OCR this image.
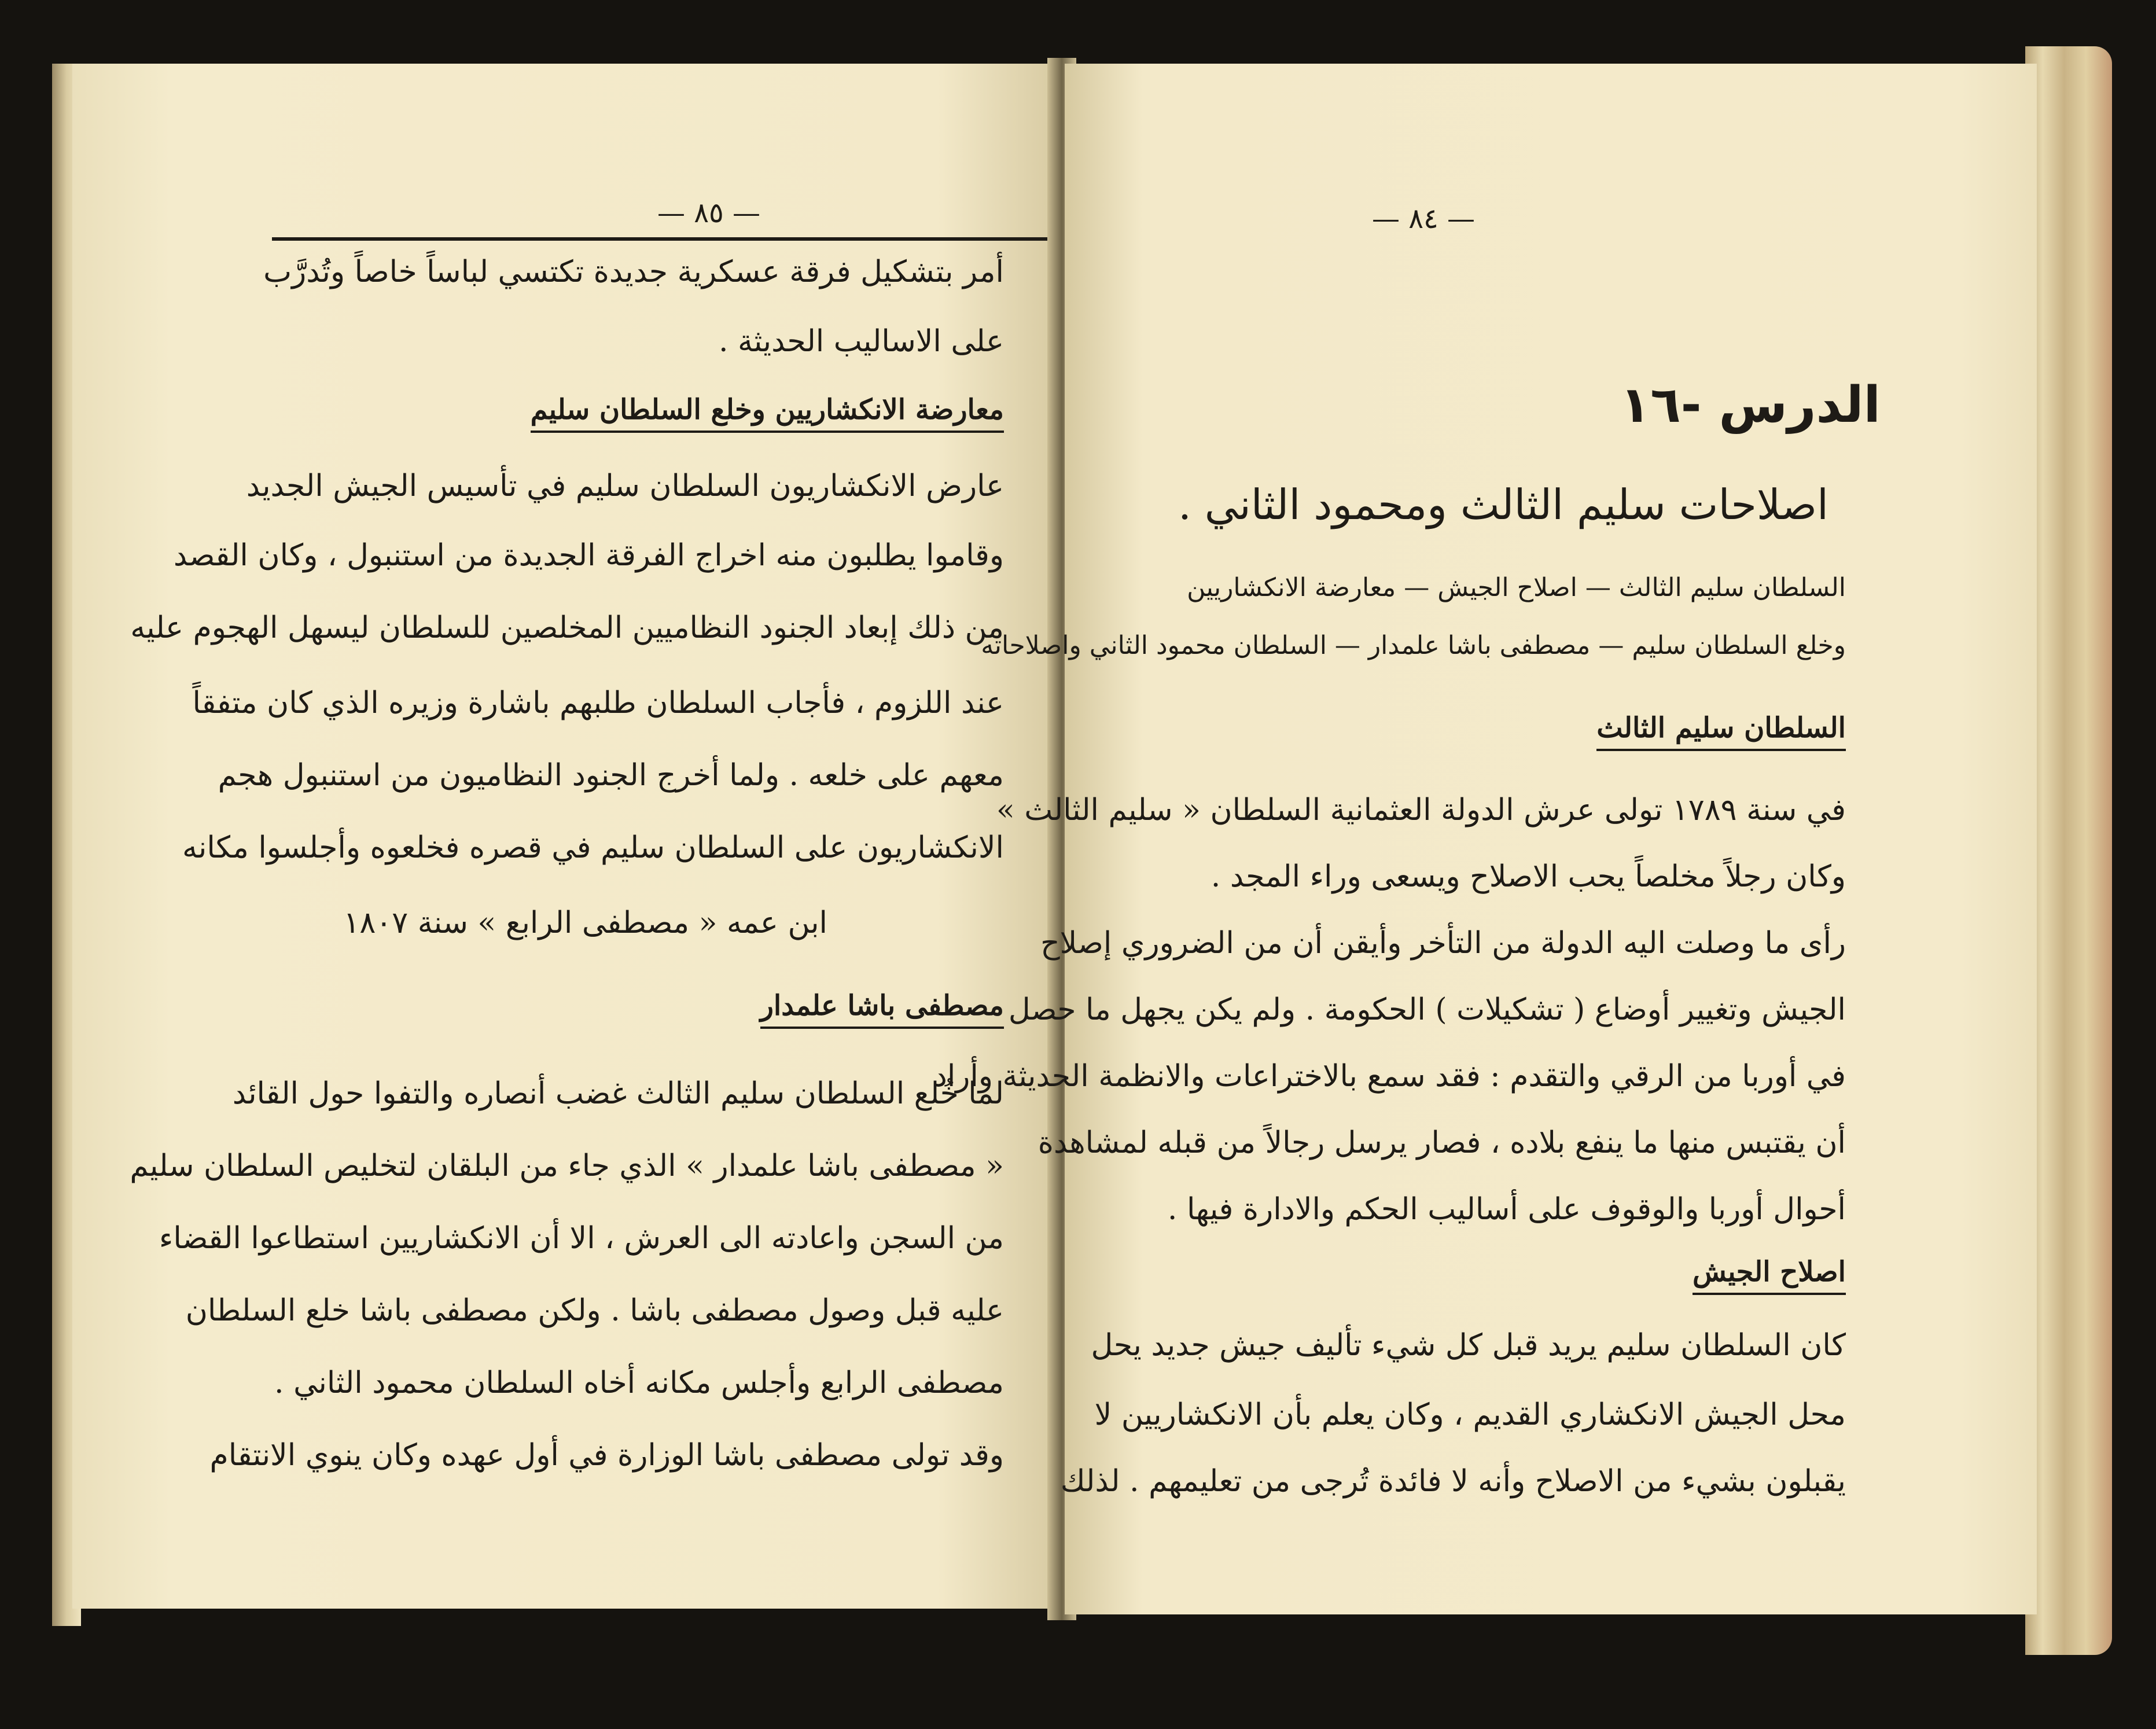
— ٨٥ —
أمر بتشكيل فرقة عسكرية جديدة تكتسي لباساً خاصاً وتُدرَّب
على الاساليب الحديثة .
معارضة الانكشاريين وخلع السلطان سليم
عارض الانكشاريون السلطان سليم في تأسيس الجيش الجديد
وقاموا يطلبون منه اخراج الفرقة الجديدة من استنبول ، وكان القصد
من ذلك إبعاد الجنود النظاميين المخلصين للسلطان ليسهل الهجوم عليه
عند اللزوم ، فأجاب السلطان طلبهم باشارة وزيره الذي كان متفقاً
معهم على خلعه . ولما أخرج الجنود النظاميون من استنبول هجم
الانكشاريون على السلطان سليم في قصره فخلعوه وأجلسوا مكانه
ابن عمه « مصطفى الرابع » سنة ١٨٠٧
مصطفى باشا علمدار
لما خُلع السلطان سليم الثالث غضب أنصاره والتفوا حول القائد
« مصطفى باشا علمدار » الذي جاء من البلقان لتخليص السلطان سليم
من السجن واعادته الى العرش ، الا أن الانكشاريين استطاعوا القضاء
عليه قبل وصول مصطفى باشا . ولكن مصطفى باشا خلع السلطان
مصطفى الرابع وأجلس مكانه أخاه السلطان محمود الثاني .
وقد تولى مصطفى باشا الوزارة في أول عهده وكان ينوي الانتقام
— ٨٤ —
الدرس -١٦
اصلاحات سليم الثالث ومحمود الثاني .
السلطان سليم الثالث — اصلاح الجيش — معارضة الانكشاريين
وخلع السلطان سليم — مصطفى باشا علمدار — السلطان محمود الثاني واصلاحاته
السلطان سليم الثالث
في سنة ١٧٨٩ تولى عرش الدولة العثمانية السلطان « سليم الثالث »
وكان رجلاً مخلصاً يحب الاصلاح ويسعى وراء المجد .
رأى ما وصلت اليه الدولة من التأخر وأيقن أن من الضروري إصلاح
الجيش وتغيير أوضاع ( تشكيلات ) الحكومة . ولم يكن يجهل ما حصل
في أوربا من الرقي والتقدم : فقد سمع بالاختراعات والانظمة الحديثة وأراد
أن يقتبس منها ما ينفع بلاده ، فصار يرسل رجالاً من قبله لمشاهدة
أحوال أوربا والوقوف على أساليب الحكم والادارة فيها .
اصلاح الجيش
كان السلطان سليم يريد قبل كل شيء تأليف جيش جديد يحل
محل الجيش الانكشاري القديم ، وكان يعلم بأن الانكشاريين لا
يقبلون بشيء من الاصلاح وأنه لا فائدة تُرجى من تعليمهم . لذلك
